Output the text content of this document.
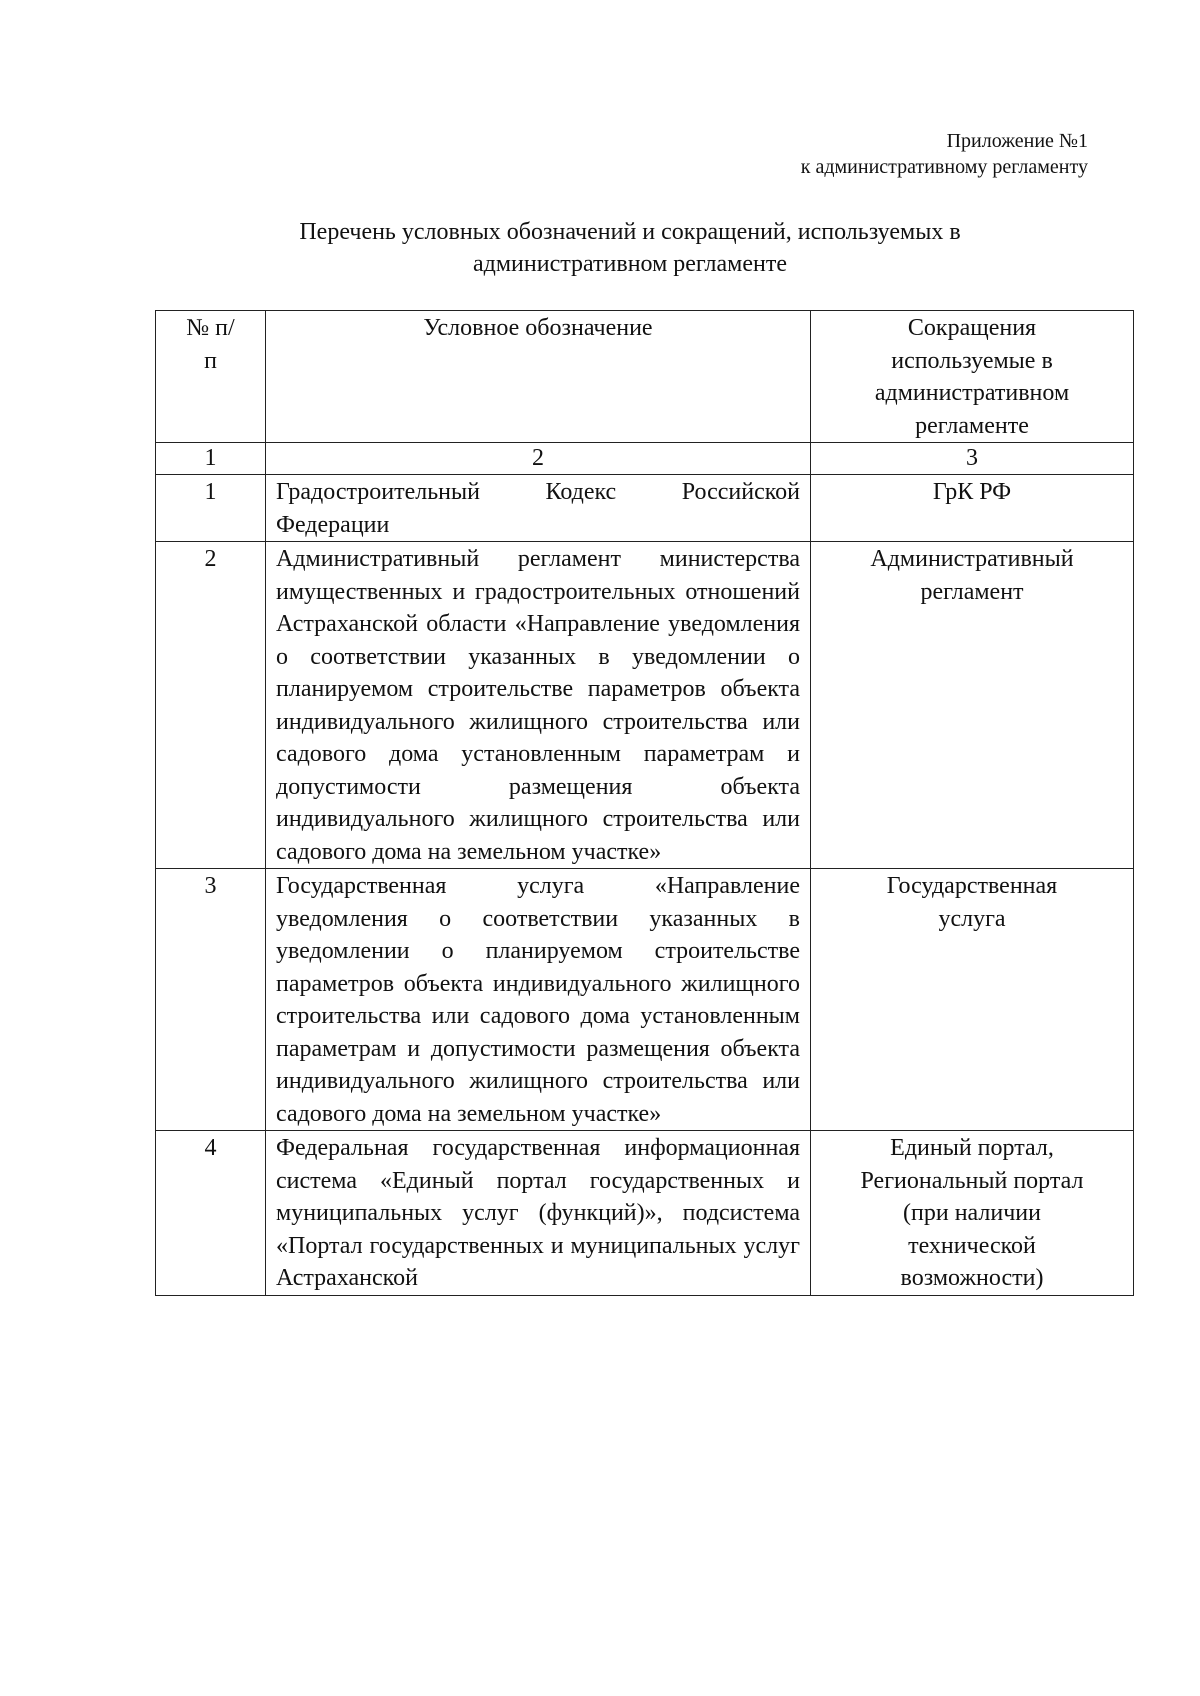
Приложение №1
к административному регламенту
Перечень условных обозначений и сокращений, используемых в
административном регламенте
№ п/п	Условное обозначение	Сокращения используемые в административном регламенте
1	2	3
1	Градостроительный Кодекс Российской Федерации	ГрК РФ
2	Административный регламент министерства имущественных и градостроительных отношений Астраханской области «Направление уведомления о соответствии указанных в уведомлении о планируемом строительстве параметров объекта индивидуального жилищного строительства или садового дома установленным параметрам и допустимости размещения объекта индивидуального жилищного строительства или садового дома на земельном участке»	Административный регламент
3	Государственная услуга «Направление уведомления о соответствии указанных в уведомлении о планируемом строительстве параметров объекта индивидуального жилищного строительства или садового дома установленным параметрам и допустимости размещения объекта индивидуального жилищного строительства или садового дома на земельном участке»	Государственная услуга
4	Федеральная государственная информационная система «Единый портал государственных и муниципальных услуг (функций)», подсистема «Портал государственных и муниципальных услуг Астраханской	Единый портал, Региональный портал (при наличии технической возможности)
